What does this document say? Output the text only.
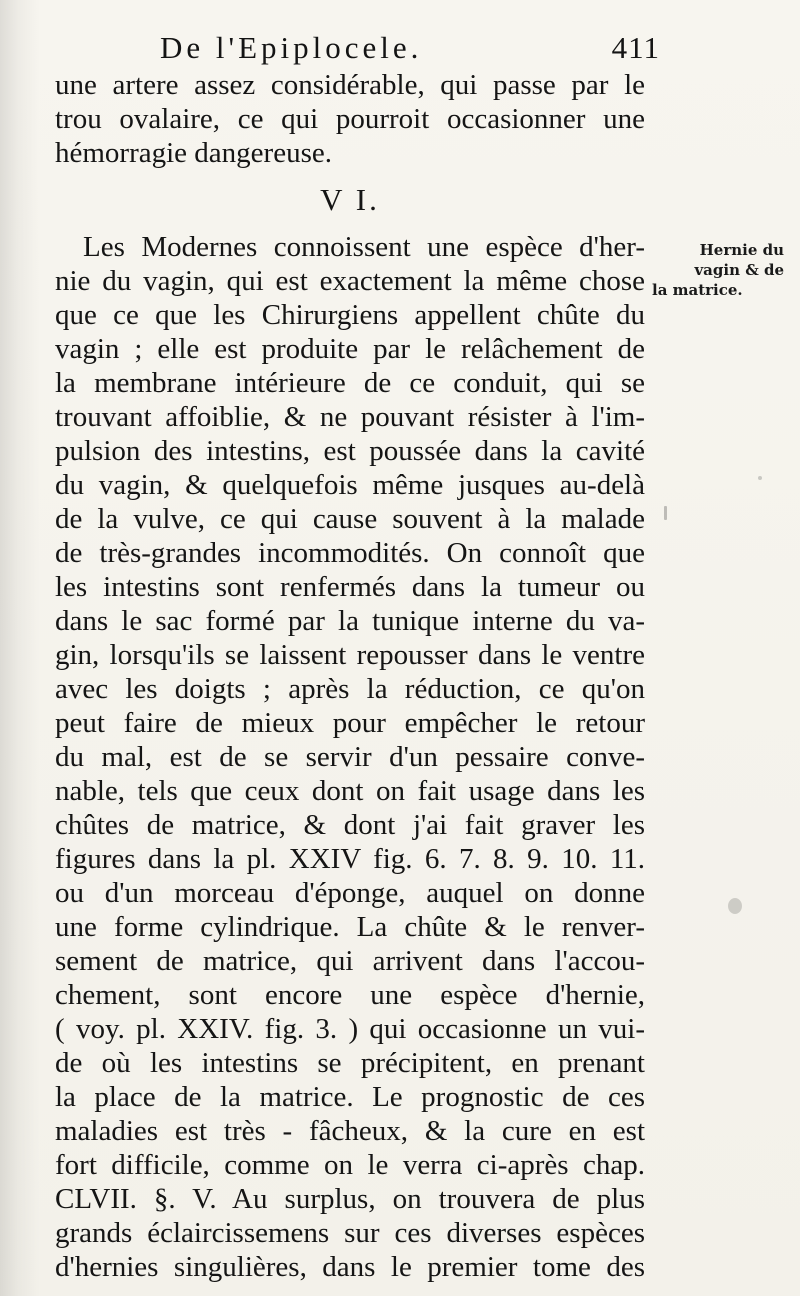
De l'Epiplocele.	411
une artere assez considérable, qui passe par le
trou ovalaire, ce qui pourroit occasionner une
hémorragie dangereuse.
V I.
Les Modernes connoissent une espèce d'her-
nie du vagin, qui est exactement la même chose
que ce que les Chirurgiens appellent chûte du
vagin ; elle est produite par le relâchement de
la membrane intérieure de ce conduit, qui se
trouvant affoiblie, & ne pouvant résister à l'im-
pulsion des intestins, est poussée dans la cavité
du vagin, & quelquefois même jusques au-delà
de la vulve, ce qui cause souvent à la malade
de très-grandes incommodités. On connoît que
les intestins sont renfermés dans la tumeur ou
dans le sac formé par la tunique interne du va-
gin, lorsqu'ils se laissent repousser dans le ventre
avec les doigts ; après la réduction, ce qu'on
peut faire de mieux pour empêcher le retour
du mal, est de se servir d'un pessaire conve-
nable, tels que ceux dont on fait usage dans les
chûtes de matrice, & dont j'ai fait graver les
figures dans la pl. XXIV fig. 6. 7. 8. 9. 10. 11.
ou d'un morceau d'éponge, auquel on donne
une forme cylindrique. La chûte & le renver-
sement de matrice, qui arrivent dans l'accou-
chement, sont encore une espèce d'hernie,
( voy. pl. XXIV. fig. 3. ) qui occasionne un vui-
de où les intestins se précipitent, en prenant
la place de la matrice. Le prognostic de ces
maladies est très - fâcheux, & la cure en est
fort difficile, comme on le verra ci-après chap.
CLVII. §. V. Au surplus, on trouvera de plus
grands éclaircissemens sur ces diverses espèces
d'hernies singulières, dans le premier tome des
Hernie du
vagin & de
la matrice.
